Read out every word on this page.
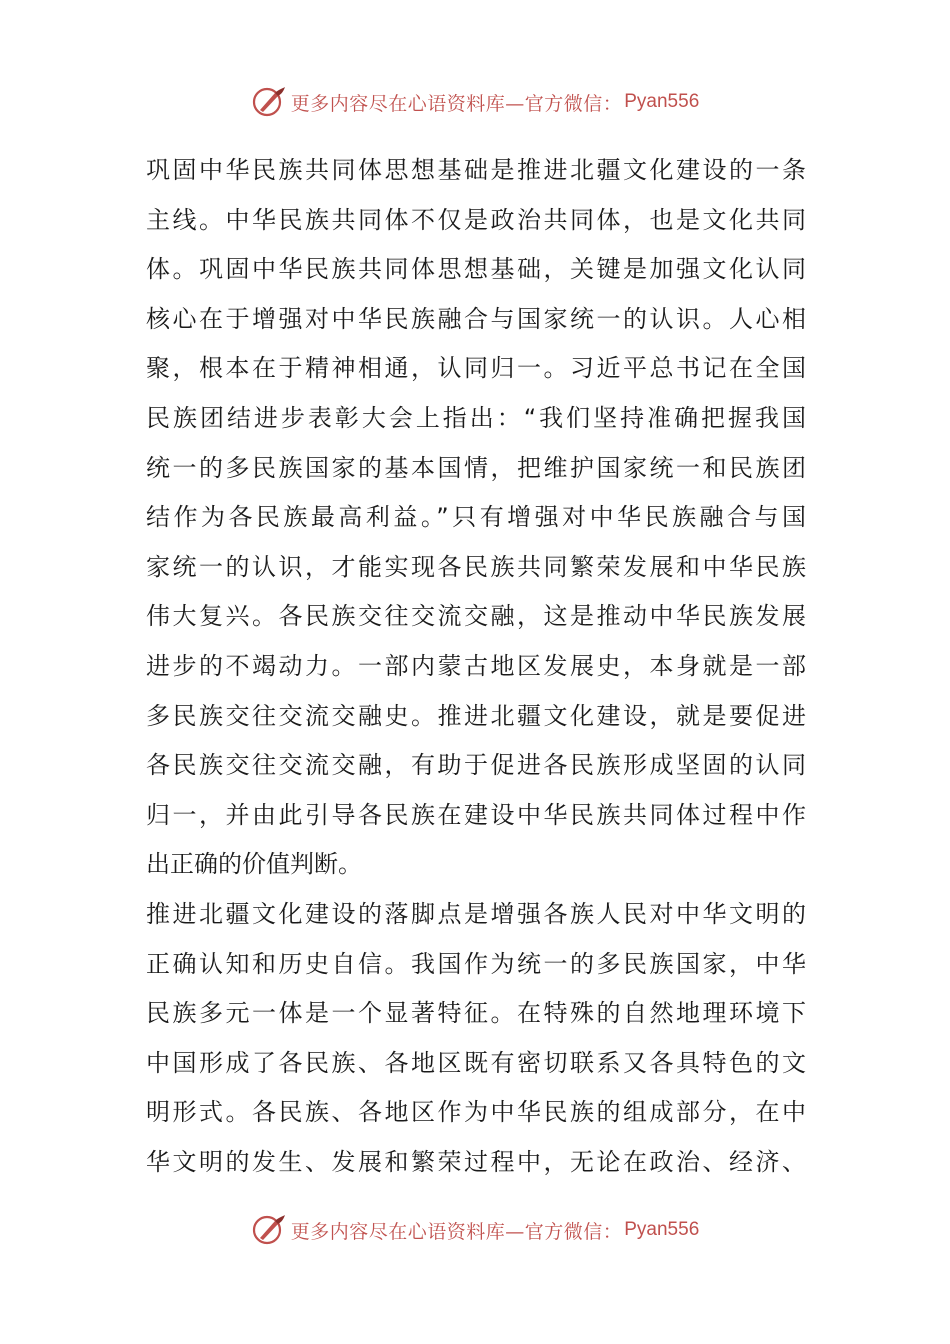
更多内容尽在心语资料库—官方微信： Pyan556
巩固中华民族共同体思想基础是推进北疆文化建设的一条
主线。中华民族共同体不仅是政治共同体，也是文化共同
体。巩固中华民族共同体思想基础，关键是加强文化认同
核心在于增强对中华民族融合与国家统一的认识。人心相
聚，根本在于精神相通，认同归一。习近平总书记在全国
民族团结进步表彰大会上指出：“我们坚持准确把握我国
统一的多民族国家的基本国情，把维护国家统一和民族团
结作为各民族最高利益。”只有增强对中华民族融合与国
家统一的认识，才能实现各民族共同繁荣发展和中华民族
伟大复兴。各民族交往交流交融，这是推动中华民族发展
进步的不竭动力。一部内蒙古地区发展史，本身就是一部
多民族交往交流交融史。推进北疆文化建设，就是要促进
各民族交往交流交融，有助于促进各民族形成坚固的认同
归一，并由此引导各民族在建设中华民族共同体过程中作
出正确的价值判断。
推进北疆文化建设的落脚点是增强各族人民对中华文明的
正确认知和历史自信。我国作为统一的多民族国家，中华
民族多元一体是一个显著特征。在特殊的自然地理环境下
中国形成了各民族、各地区既有密切联系又各具特色的文
明形式。各民族、各地区作为中华民族的组成部分，在中
华文明的发生、发展和繁荣过程中，无论在政治、经济、
更多内容尽在心语资料库—官方微信： Pyan556
